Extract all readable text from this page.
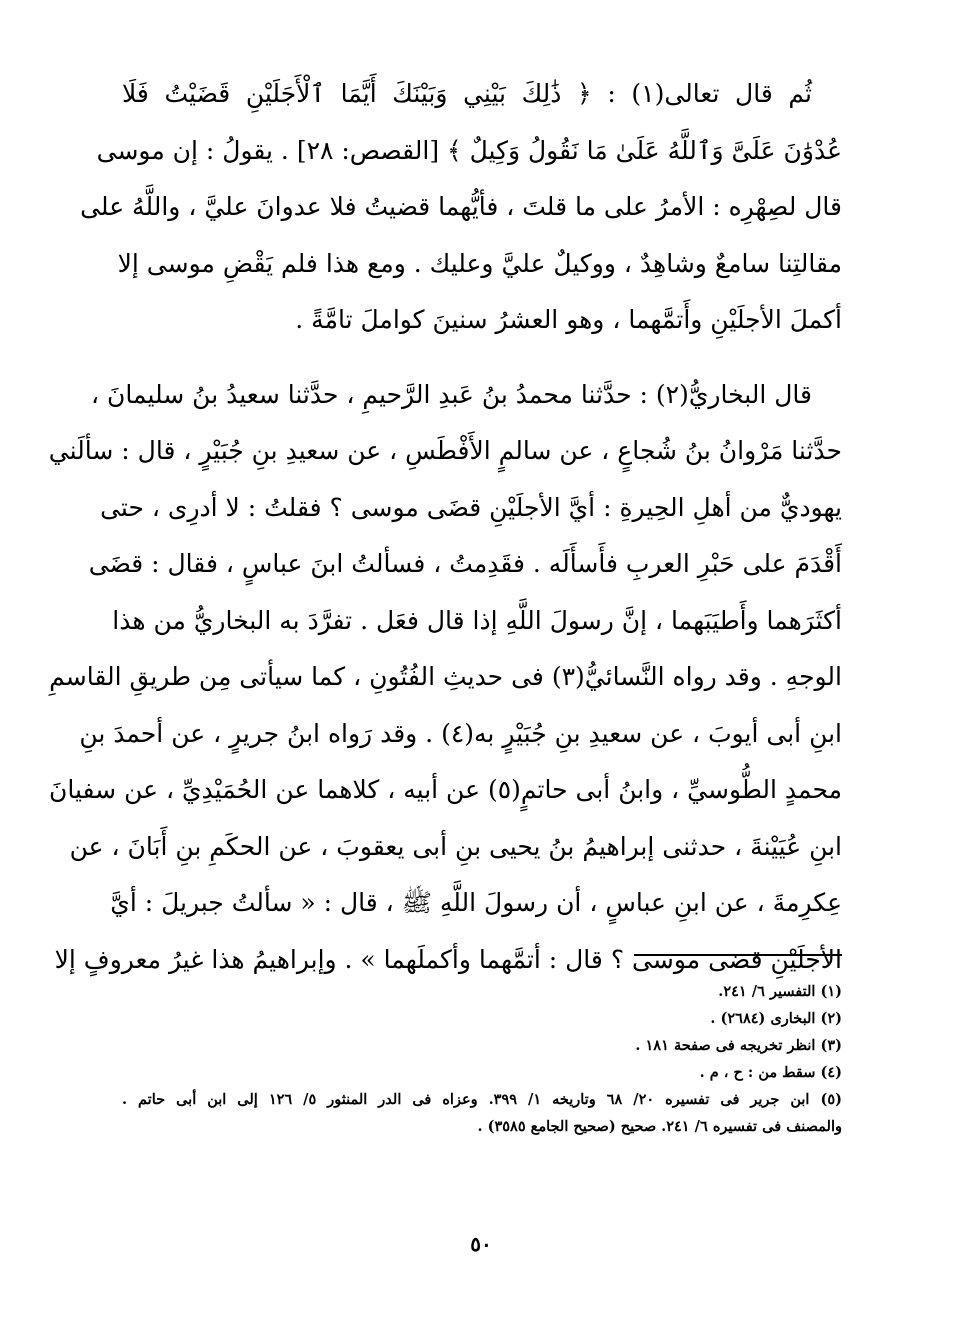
ثُم قال تعالى(١) : ﴿ ذَٰلِكَ بَيْنِي وَبَيْنَكَ أَيَّمَا ٱلْأَجَلَيْنِ قَضَيْتُ فَلَا
عُدْوَٰنَ عَلَىَّ وَٱللَّهُ عَلَىٰ مَا نَقُولُ وَكِيلٌ ﴾ [القصص: ٢٨] . يقولُ : إن موسى
قال لصِهْرِه : الأمرُ على ما قلتَ ، فأيُّهما قضيتُ فلا عدوانَ عليَّ ، واللَّهُ على
مقالتِنا سامعٌ وشاهِدٌ ، ووكيلٌ عليَّ وعليك . ومع هذا فلم يَقْضِ موسى إلا
أكملَ الأجلَيْنِ وأَتمَّهما ، وهو العشرُ سنينَ كواملَ تامَّةً .
قال البخاريُّ(٢) : حدَّثنا محمدُ بنُ عَبدِ الرَّحيمِ ، حدَّثنا سعيدُ بنُ سليمانَ ،
حدَّثنا مَرْوانُ بنُ شُجاعٍ ، عن سالمٍ الأَفْطَسِ ، عن سعيدِ بنِ جُبَيْرٍ ، قال : سألَني
يهوديٌّ من أهلِ الحِيرةِ : أيَّ الأجلَيْنِ قضَى موسى ؟ فقلتُ : لا أدرِى ، حتى
أَقْدَمَ على حَبْرِ العربِ فأَسأَلَه . فقَدِمتُ ، فسألتُ ابنَ عباسٍ ، فقال : قضَى
أكثَرَهما وأَطيَبَهما ، إنَّ رسولَ اللَّهِ إذا قال فعَل . تفرَّدَ به البخاريُّ من هذا
الوجهِ . وقد رواه النَّسائيُّ(٣) فى حديثِ الفُتُونِ ، كما سيأتى مِن طريقِ القاسمِ
ابنِ أبى أيوبَ ، عن سعيدِ بنِ جُبَيْرٍ به(٤) . وقد رَواه ابنُ جريرٍ ، عن أحمدَ بنِ
محمدٍ الطُّوسيِّ ، وابنُ أبى حاتمٍ(٥) عن أبيه ، كلاهما عن الحُمَيْدِيِّ ، عن سفيانَ
ابنِ عُيَيْنةَ ، حدثنى إبراهيمُ بنُ يحيى بنِ أبى يعقوبَ ، عن الحكَمِ بنِ أَبَانَ ، عن
عِكرِمةَ ، عن ابنِ عباسٍ ، أن رسولَ اللَّهِ ﷺ ، قال : « سألتُ جبريلَ : أيَّ
الأجلَيْنِ قضى موسى ؟ قال : أتمَّهما وأكملَهما » . وإبراهيمُ هذا غيرُ معروفٍ إلا
(١) التفسير ٦/ ٢٤١.
(٢) البخارى (٢٦٨٤) .
(٣) انظر تخريجه فى صفحة ١٨١ .
(٤) سقط من : ح ، م .
(٥) ابن جرير فى تفسيره ٢٠/ ٦٨ وتاريخه ١/ ٣٩٩. وعزاه فى الدر المنثور ٥/ ١٢٦ إلى ابن أبى حاتم .
والمصنف فى تفسيره ٦/ ٢٤١. صحيح (صحيح الجامع ٣٥٨٥) .
٥٠
